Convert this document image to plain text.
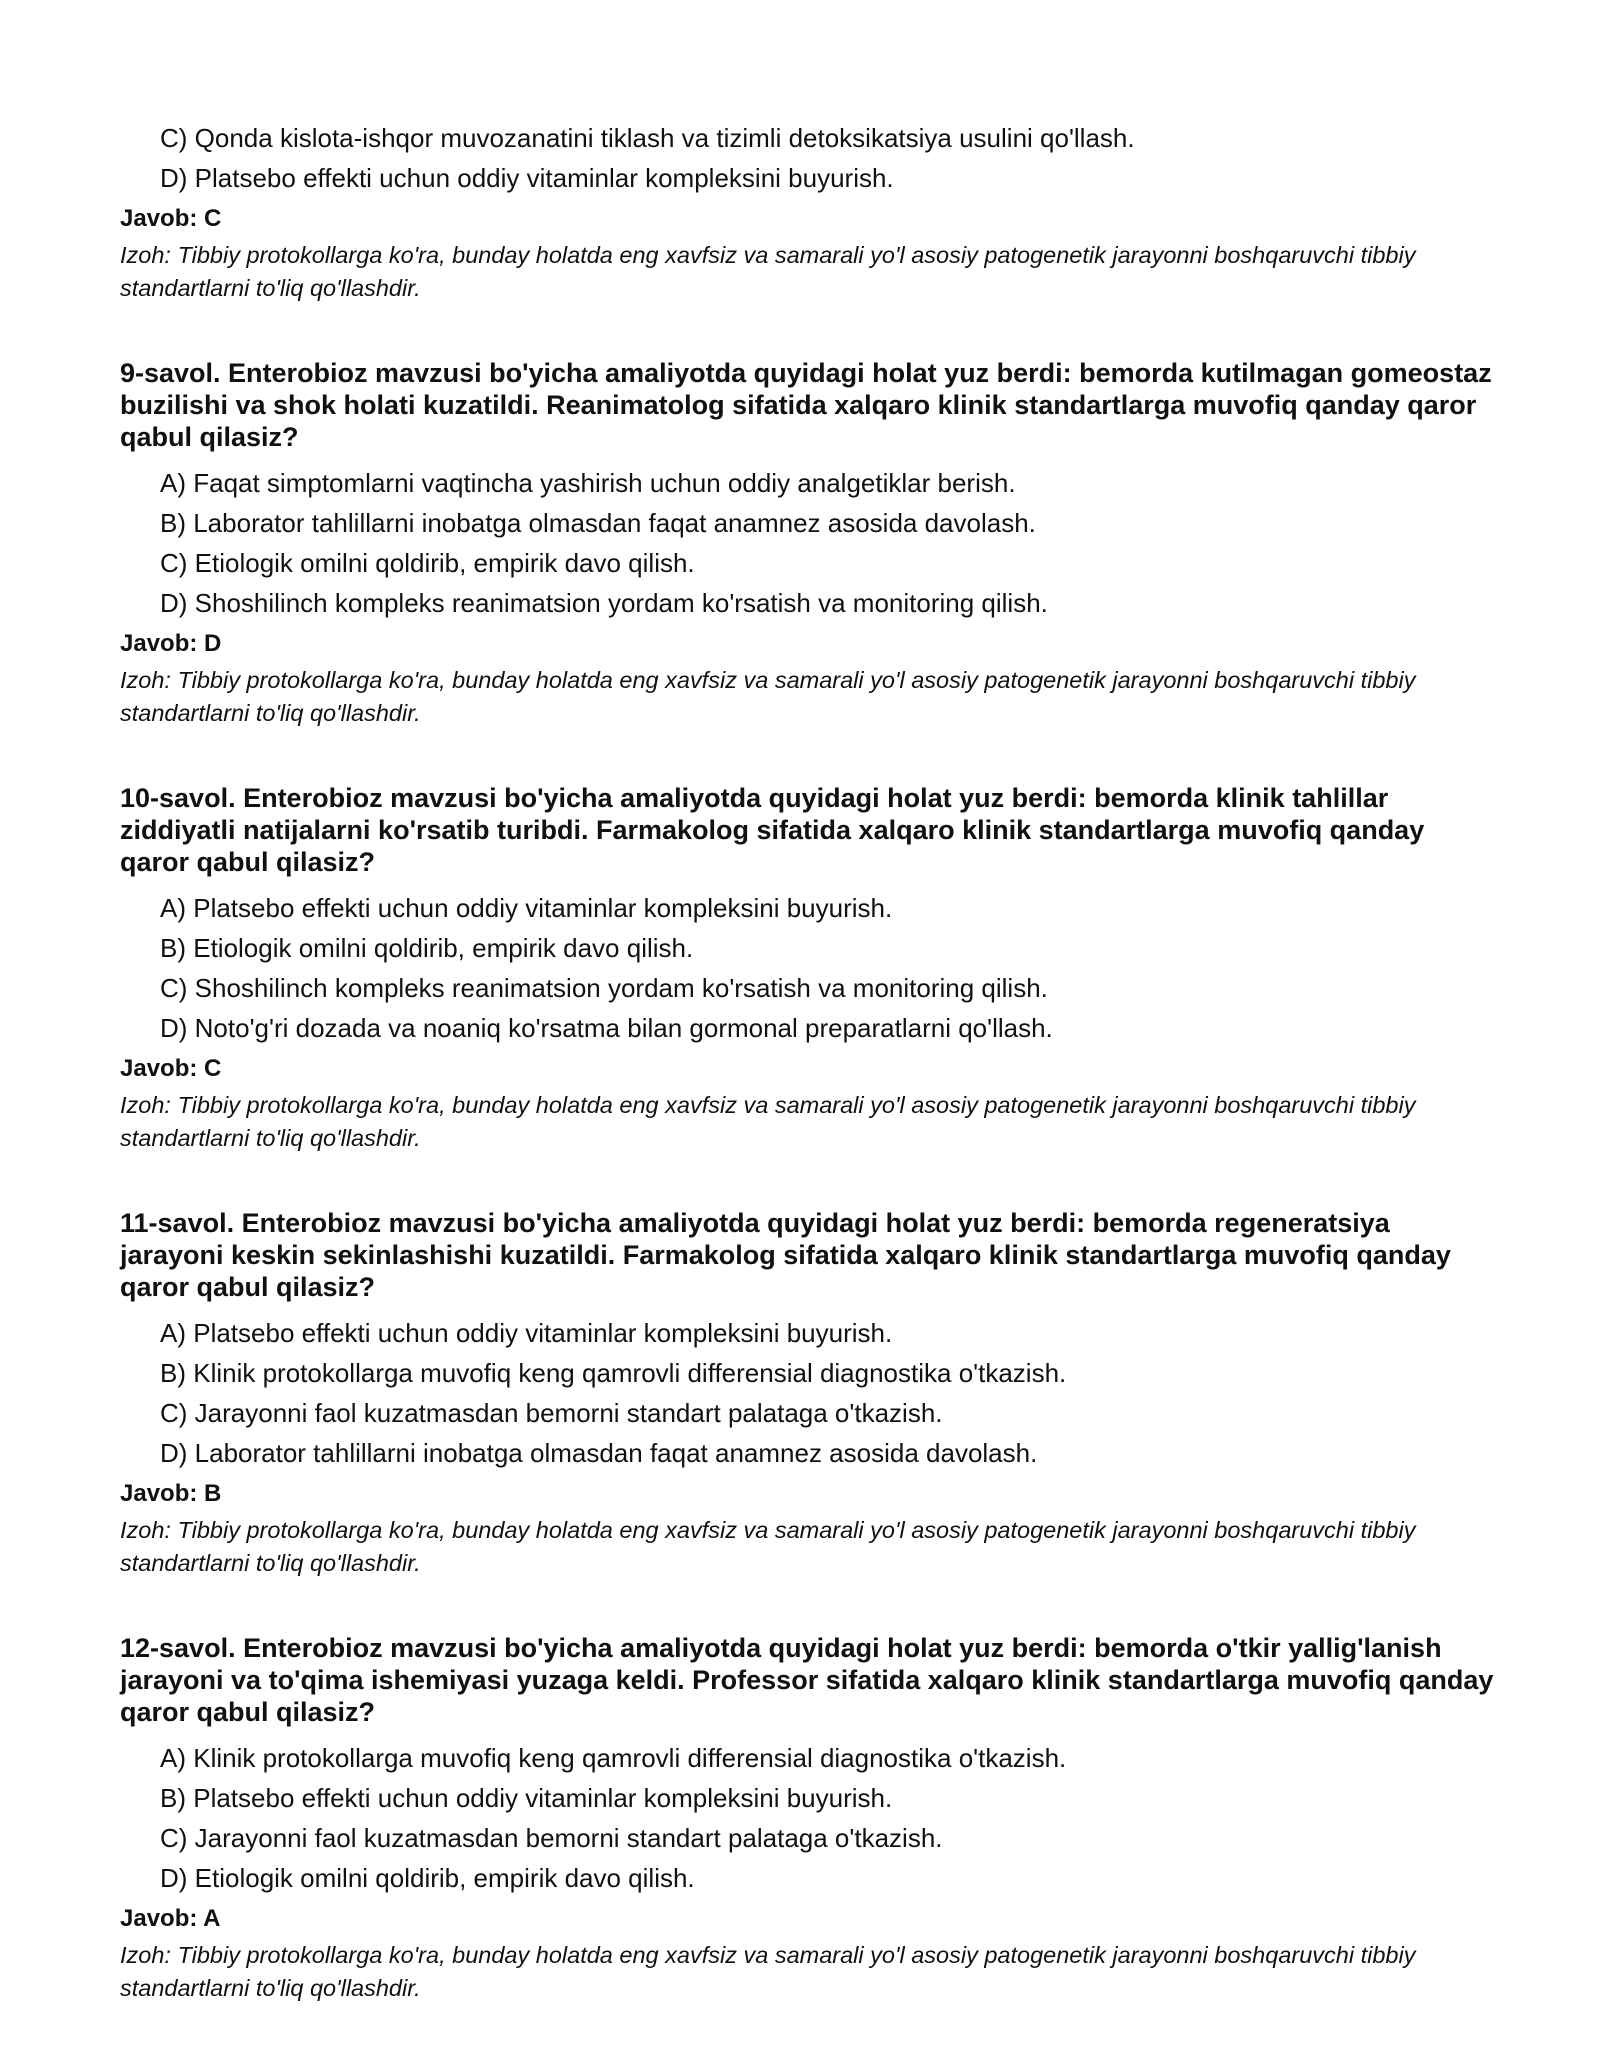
C) Qonda kislota-ishqor muvozanatini tiklash va tizimli detoksikatsiya usulini qo'llash.
D) Platsebo effekti uchun oddiy vitaminlar kompleksini buyurish.
Javob: C
Izoh: Tibbiy protokollarga ko'ra, bunday holatda eng xavfsiz va samarali yo'l asosiy patogenetik jarayonni boshqaruvchi tibbiy standartlarni to'liq qo'llashdir.
9-savol. Enterobioz mavzusi bo'yicha amaliyotda quyidagi holat yuz berdi: bemorda kutilmagan gomeostaz buzilishi va shok holati kuzatildi. Reanimatolog sifatida xalqaro klinik standartlarga muvofiq qanday qaror qabul qilasiz?
A) Faqat simptomlarni vaqtincha yashirish uchun oddiy analgetiklar berish.
B) Laborator tahlillarni inobatga olmasdan faqat anamnez asosida davolash.
C) Etiologik omilni qoldirib, empirik davo qilish.
D) Shoshilinch kompleks reanimatsion yordam ko'rsatish va monitoring qilish.
Javob: D
Izoh: Tibbiy protokollarga ko'ra, bunday holatda eng xavfsiz va samarali yo'l asosiy patogenetik jarayonni boshqaruvchi tibbiy standartlarni to'liq qo'llashdir.
10-savol. Enterobioz mavzusi bo'yicha amaliyotda quyidagi holat yuz berdi: bemorda klinik tahlillar ziddiyatli natijalarni ko'rsatib turibdi. Farmakolog sifatida xalqaro klinik standartlarga muvofiq qanday qaror qabul qilasiz?
A) Platsebo effekti uchun oddiy vitaminlar kompleksini buyurish.
B) Etiologik omilni qoldirib, empirik davo qilish.
C) Shoshilinch kompleks reanimatsion yordam ko'rsatish va monitoring qilish.
D) Noto'g'ri dozada va noaniq ko'rsatma bilan gormonal preparatlarni qo'llash.
Javob: C
Izoh: Tibbiy protokollarga ko'ra, bunday holatda eng xavfsiz va samarali yo'l asosiy patogenetik jarayonni boshqaruvchi tibbiy standartlarni to'liq qo'llashdir.
11-savol. Enterobioz mavzusi bo'yicha amaliyotda quyidagi holat yuz berdi: bemorda regeneratsiya jarayoni keskin sekinlashishi kuzatildi. Farmakolog sifatida xalqaro klinik standartlarga muvofiq qanday qaror qabul qilasiz?
A) Platsebo effekti uchun oddiy vitaminlar kompleksini buyurish.
B) Klinik protokollarga muvofiq keng qamrovli differensial diagnostika o'tkazish.
C) Jarayonni faol kuzatmasdan bemorni standart palataga o'tkazish.
D) Laborator tahlillarni inobatga olmasdan faqat anamnez asosida davolash.
Javob: B
Izoh: Tibbiy protokollarga ko'ra, bunday holatda eng xavfsiz va samarali yo'l asosiy patogenetik jarayonni boshqaruvchi tibbiy standartlarni to'liq qo'llashdir.
12-savol. Enterobioz mavzusi bo'yicha amaliyotda quyidagi holat yuz berdi: bemorda o'tkir yallig'lanish jarayoni va to'qima ishemiyasi yuzaga keldi. Professor sifatida xalqaro klinik standartlarga muvofiq qanday qaror qabul qilasiz?
A) Klinik protokollarga muvofiq keng qamrovli differensial diagnostika o'tkazish.
B) Platsebo effekti uchun oddiy vitaminlar kompleksini buyurish.
C) Jarayonni faol kuzatmasdan bemorni standart palataga o'tkazish.
D) Etiologik omilni qoldirib, empirik davo qilish.
Javob: A
Izoh: Tibbiy protokollarga ko'ra, bunday holatda eng xavfsiz va samarali yo'l asosiy patogenetik jarayonni boshqaruvchi tibbiy standartlarni to'liq qo'llashdir.
